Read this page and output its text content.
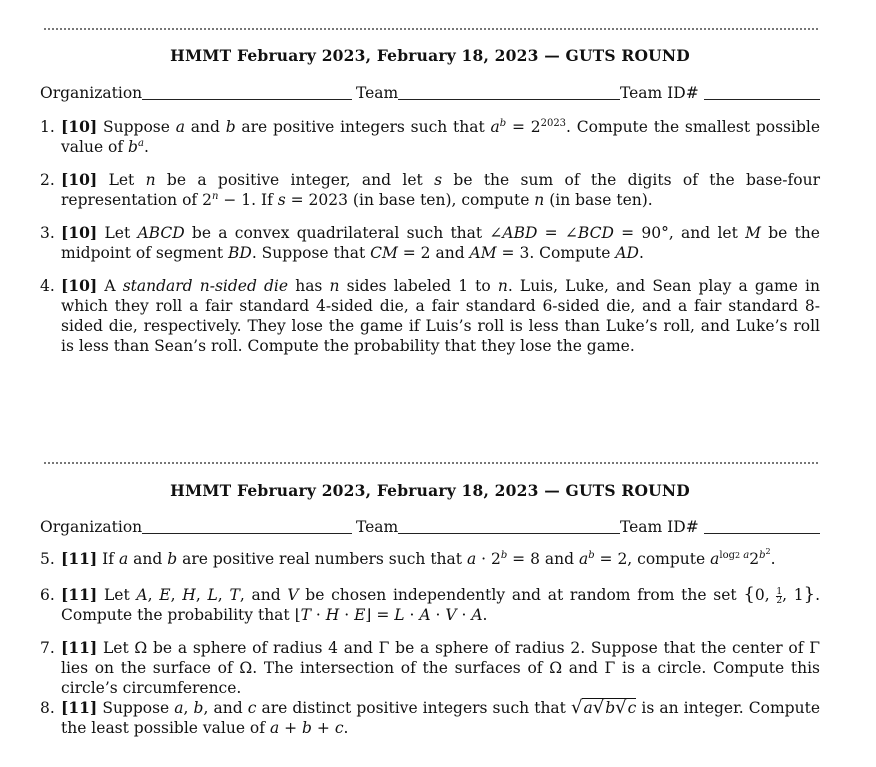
HMMT February 2023, February 18, 2023 — GUTS ROUND
Organization	Team	Team ID#
1. [10] Suppose a and b are positive integers such that $a^b = 2^{2023}$. Compute the smallest possible value of $b^a$.
2. [10] Let n be a positive integer, and let s be the sum of the digits of the base-four representation of $2^n - 1$. If s = 2023 (in base ten), compute n (in base ten).
3. [10] Let ABCD be a convex quadrilateral such that ∠ABD = ∠BCD = 90°, and let M be the midpoint of segment BD. Suppose that CM = 2 and AM = 3. Compute AD.
4. [10] A standard n-sided die has n sides labeled 1 to n. Luis, Luke, and Sean play a game in which they roll a fair standard 4-sided die, a fair standard 6-sided die, and a fair standard 8-sided die, respectively. They lose the game if Luis’s roll is less than Luke’s roll, and Luke’s roll is less than Sean’s roll. Compute the probability that they lose the game.
HMMT February 2023, February 18, 2023 — GUTS ROUND
Organization	Team	Team ID#
5. [11] If a and b are positive real numbers such that $a \cdot 2^b = 8$ and $a^b = 2$, compute $a^{log2 a}2^{b^2}$.
6. [11] Let A, E, H, L, T, and V be chosen independently and at random from the set {0, $\frac{1}{2}$ , 1}. Compute the probability that ⌊T · H · E⌋ = L · A · V · A.
7. [11] Let Ω be a sphere of radius 4 and Γ be a sphere of radius 2. Suppose that the center of Γ lies on the surface of Ω. The intersection of the surfaces of Ω and Γ is a circle. Compute this circle’s circumference.
8. [11] Suppose a, b, and c are distinct positive integers such that √a√b√c is an integer. Compute the least possible value of a + b + c.
